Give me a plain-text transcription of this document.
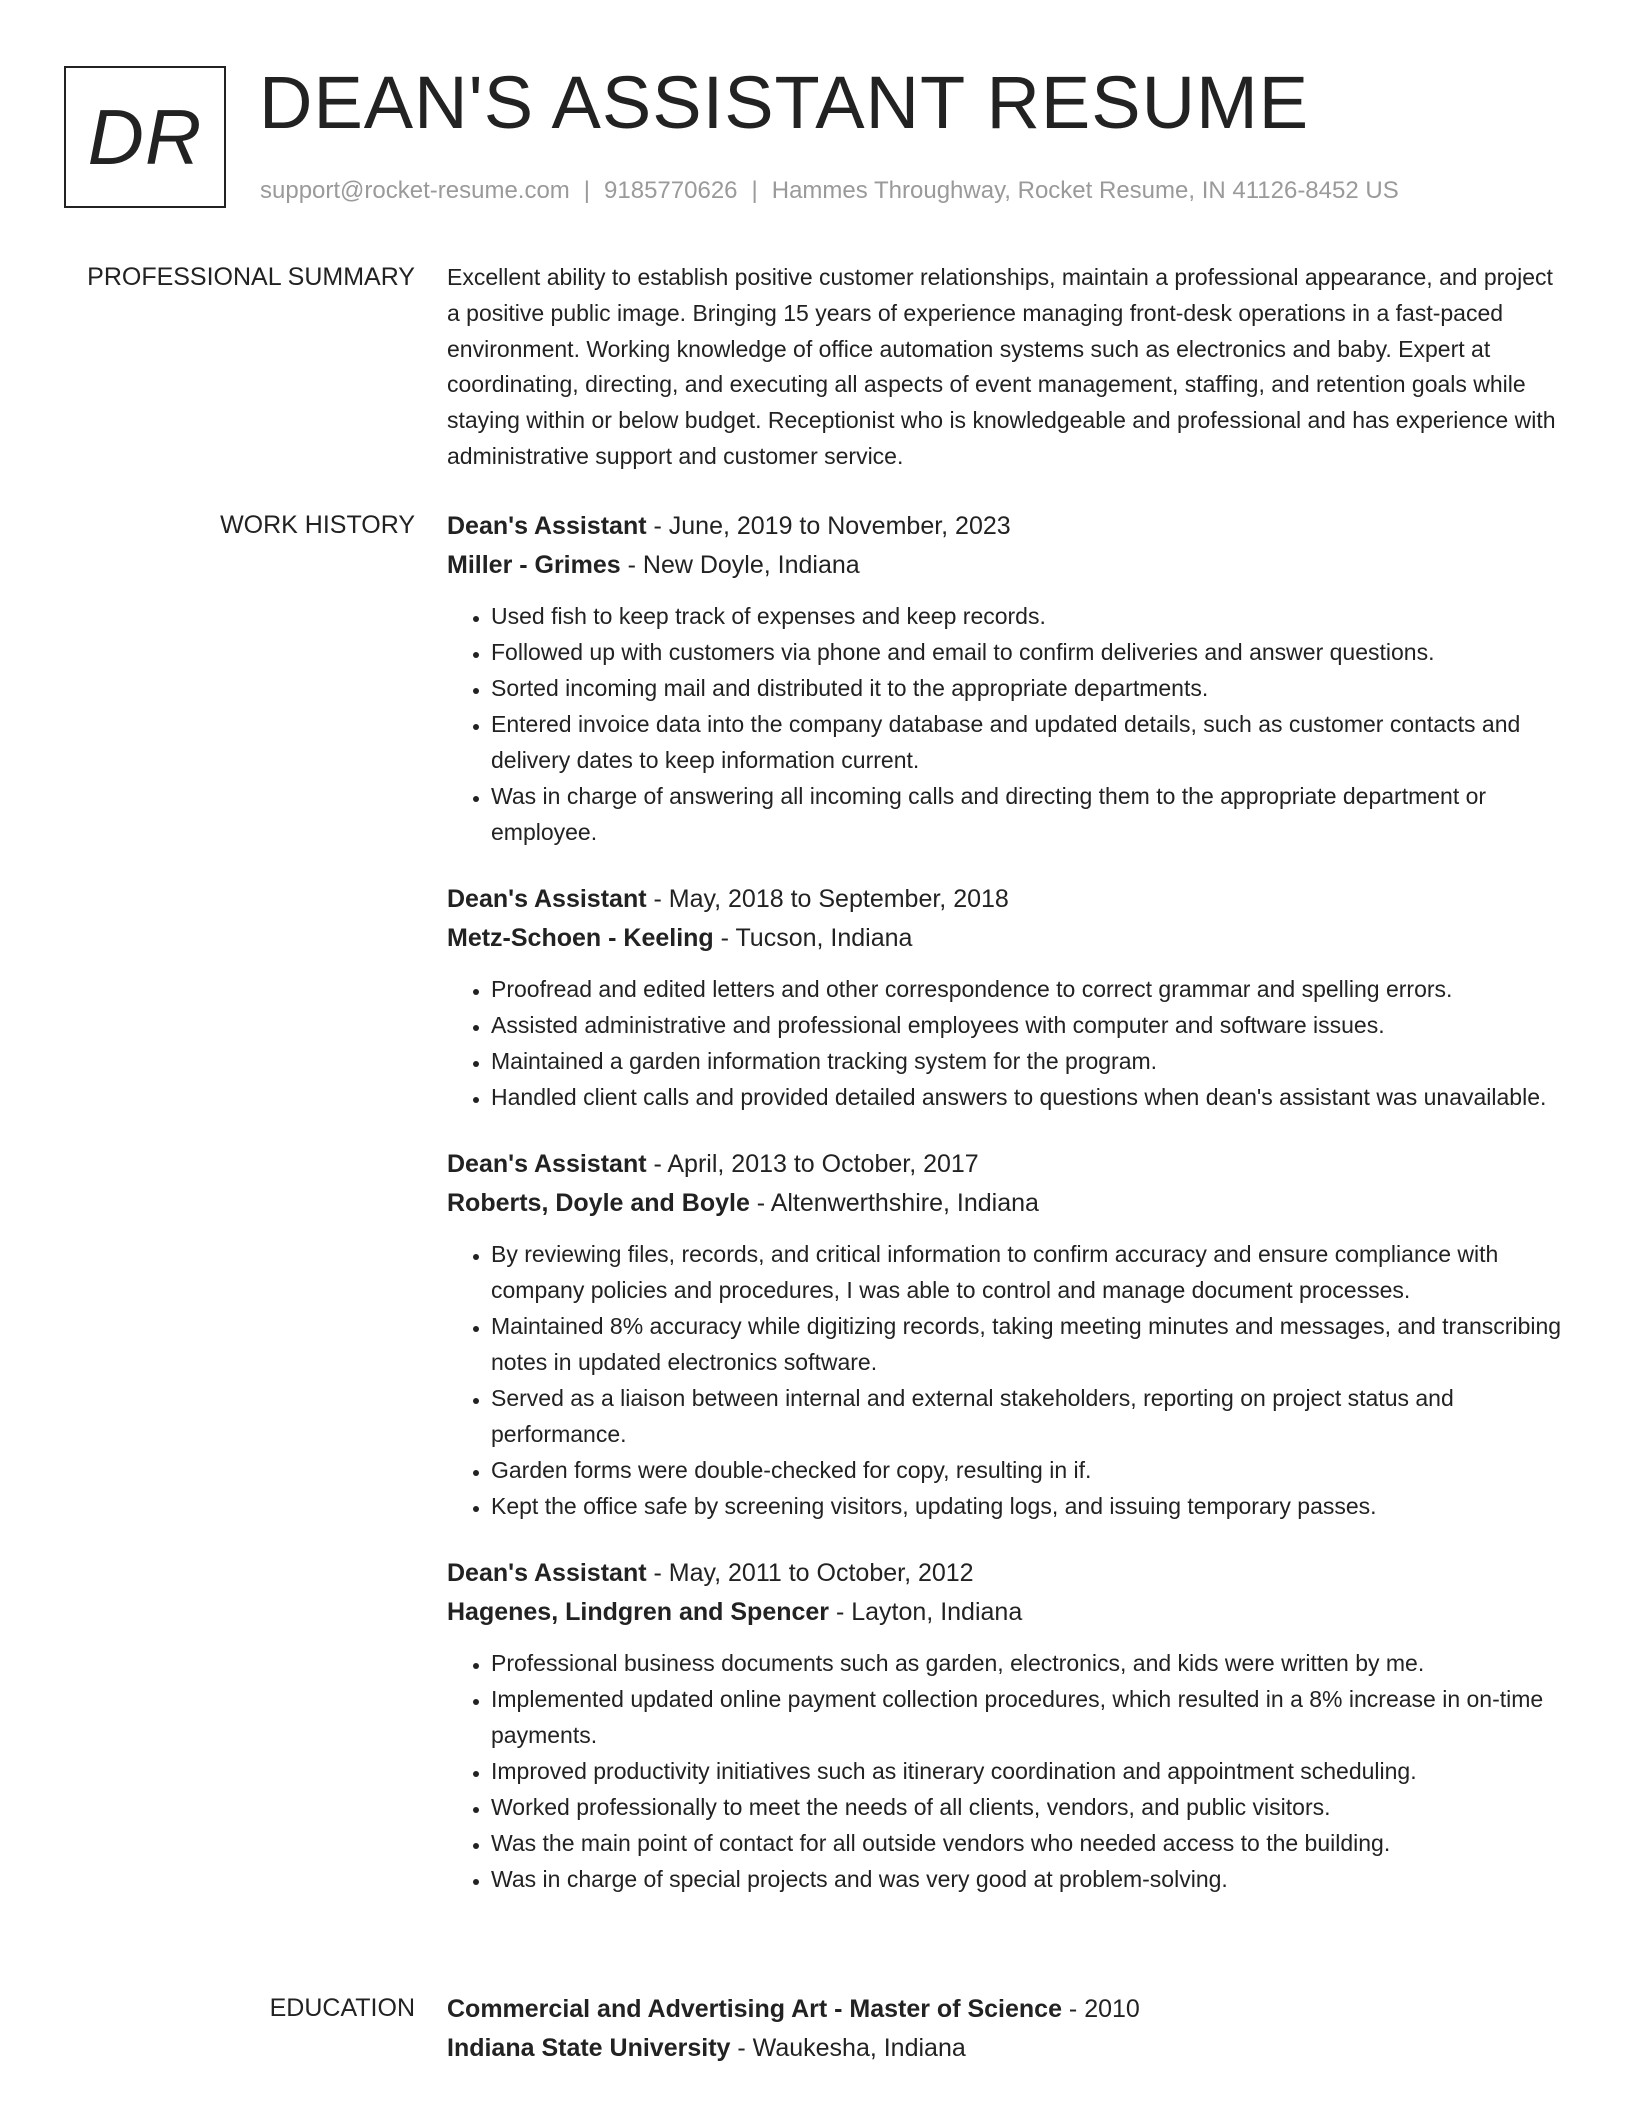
DR DEAN'S ASSISTANT RESUME
support@rocket-resume.com | 9185770626 | Hammes Throughway, Rocket Resume, IN 41126-8452 US
PROFESSIONAL SUMMARY Excellent ability to establish positive customer relationships, maintain a professional appearance, and project a positive public image. Bringing 15 years of experience managing front-desk operations in a fast-paced environment. Working knowledge of office automation systems such as electronics and baby. Expert at coordinating, directing, and executing all aspects of event management, staffing, and retention goals while staying within or below budget. Receptionist who is knowledgeable and professional and has experience with administrative support and customer service.

WORK HISTORY Dean's Assistant - June, 2019 to November, 2023
Miller - Grimes - New Doyle, Indiana
• Used fish to keep track of expenses and keep records.
• Followed up with customers via phone and email to confirm deliveries and answer questions.
• Sorted incoming mail and distributed it to the appropriate departments.
• Entered invoice data into the company database and updated details, such as customer contacts and delivery dates to keep information current.
• Was in charge of answering all incoming calls and directing them to the appropriate department or employee.
Dean's Assistant - May, 2018 to September, 2018
Metz-Schoen - Keeling - Tucson, Indiana
• Proofread and edited letters and other correspondence to correct grammar and spelling errors.
• Assisted administrative and professional employees with computer and software issues.
• Maintained a garden information tracking system for the program.
• Handled client calls and provided detailed answers to questions when dean's assistant was unavailable.
Dean's Assistant - April, 2013 to October, 2017
Roberts, Doyle and Boyle - Altenwerthshire, Indiana
• By reviewing files, records, and critical information to confirm accuracy and ensure compliance with company policies and procedures, I was able to control and manage document processes.
• Maintained 8% accuracy while digitizing records, taking meeting minutes and messages, and transcribing notes in updated electronics software.
• Served as a liaison between internal and external stakeholders, reporting on project status and performance.
• Garden forms were double-checked for copy, resulting in if.
• Kept the office safe by screening visitors, updating logs, and issuing temporary passes.
Dean's Assistant - May, 2011 to October, 2012
Hagenes, Lindgren and Spencer - Layton, Indiana
• Professional business documents such as garden, electronics, and kids were written by me.
• Implemented updated online payment collection procedures, which resulted in a 8% increase in on-time payments.
• Improved productivity initiatives such as itinerary coordination and appointment scheduling.
• Worked professionally to meet the needs of all clients, vendors, and public visitors.
• Was the main point of contact for all outside vendors who needed access to the building.
• Was in charge of special projects and was very good at problem-solving.
EDUCATION Commercial and Advertising Art - Master of Science - 2010
Indiana State University - Waukesha, Indiana
